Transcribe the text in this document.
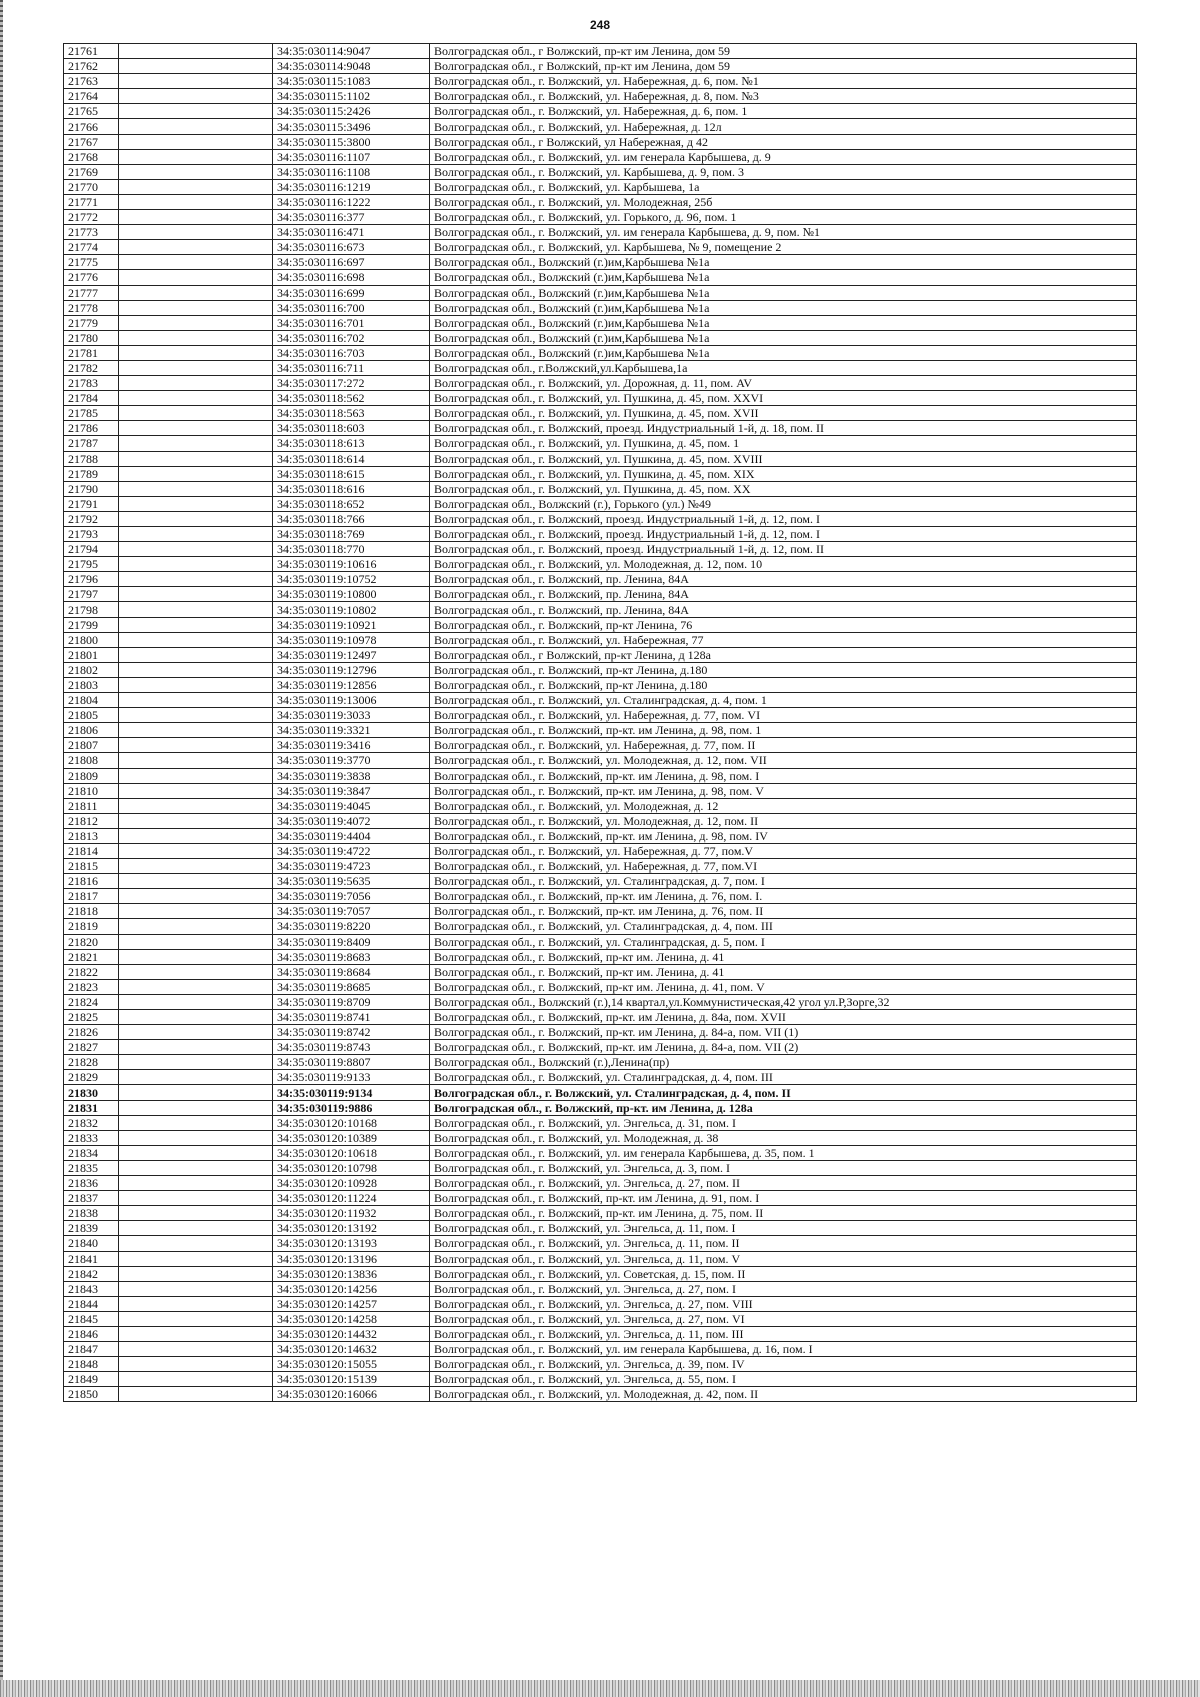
248
21761		34:35:030114:9047	Волгоградская обл., г Волжский, пр-кт им Ленина, дом 59
21762		34:35:030114:9048	Волгоградская обл., г Волжский, пр-кт им Ленина, дом 59
21763		34:35:030115:1083	Волгоградская обл., г. Волжский, ул. Набережная, д. 6, пом. №1
21764		34:35:030115:1102	Волгоградская обл., г. Волжский, ул. Набережная, д. 8, пом. №3
21765		34:35:030115:2426	Волгоградская обл., г. Волжский, ул. Набережная, д. 6, пом. 1
21766		34:35:030115:3496	Волгоградская обл., г. Волжский, ул. Набережная, д. 12л
21767		34:35:030115:3800	Волгоградская обл., г Волжский, ул Набережная, д 42
21768		34:35:030116:1107	Волгоградская обл., г. Волжский, ул. им генерала Карбышева, д. 9
21769		34:35:030116:1108	Волгоградская обл., г. Волжский, ул. Карбышева, д. 9, пом. 3
21770		34:35:030116:1219	Волгоградская обл., г. Волжский, ул. Карбышева, 1а
21771		34:35:030116:1222	Волгоградская обл., г. Волжский, ул. Молодежная, 25б
21772		34:35:030116:377	Волгоградская обл., г. Волжский, ул. Горького, д. 96, пом. 1
21773		34:35:030116:471	Волгоградская обл., г. Волжский, ул. им генерала Карбышева, д. 9, пом. №1
21774		34:35:030116:673	Волгоградская обл., г. Волжский, ул. Карбышева, № 9, помещение 2
21775		34:35:030116:697	Волгоградская обл., Волжский (г.)им,Карбышева №1а
21776		34:35:030116:698	Волгоградская обл., Волжский (г.)им,Карбышева №1а
21777		34:35:030116:699	Волгоградская обл., Волжский (г.)им,Карбышева №1а
21778		34:35:030116:700	Волгоградская обл., Волжский (г.)им,Карбышева №1а
21779		34:35:030116:701	Волгоградская обл., Волжский (г.)им,Карбышева №1а
21780		34:35:030116:702	Волгоградская обл., Волжский (г.)им,Карбышева №1а
21781		34:35:030116:703	Волгоградская обл., Волжский (г.)им,Карбышева №1а
21782		34:35:030116:711	Волгоградская обл., г.Волжский,ул.Карбышева,1а
21783		34:35:030117:272	Волгоградская обл., г. Волжский, ул. Дорожная, д. 11, пом. AV
21784		34:35:030118:562	Волгоградская обл., г. Волжский, ул. Пушкина, д. 45, пом. XXVI
21785		34:35:030118:563	Волгоградская обл., г. Волжский, ул. Пушкина, д. 45, пом. XVII
21786		34:35:030118:603	Волгоградская обл., г. Волжский, проезд. Индустриальный 1-й, д. 18, пом. II
21787		34:35:030118:613	Волгоградская обл., г. Волжский, ул. Пушкина, д. 45, пом. 1
21788		34:35:030118:614	Волгоградская обл., г. Волжский, ул. Пушкина, д. 45, пом. XVIII
21789		34:35:030118:615	Волгоградская обл., г. Волжский, ул. Пушкина, д. 45, пом. XIX
21790		34:35:030118:616	Волгоградская обл., г. Волжский, ул. Пушкина, д. 45, пом. XX
21791		34:35:030118:652	Волгоградская обл., Волжский (г.), Горького (ул.) №49
21792		34:35:030118:766	Волгоградская обл., г. Волжский, проезд. Индустриальный 1-й, д. 12, пом. I
21793		34:35:030118:769	Волгоградская обл., г. Волжский, проезд. Индустриальный 1-й, д. 12, пом. I
21794		34:35:030118:770	Волгоградская обл., г. Волжский, проезд. Индустриальный 1-й, д. 12, пом. II
21795		34:35:030119:10616	Волгоградская обл., г. Волжский, ул. Молодежная, д. 12, пом. 10
21796		34:35:030119:10752	Волгоградская обл., г. Волжский, пр. Ленина, 84А
21797		34:35:030119:10800	Волгоградская обл., г. Волжский, пр. Ленина, 84А
21798		34:35:030119:10802	Волгоградская обл., г. Волжский, пр. Ленина, 84А
21799		34:35:030119:10921	Волгоградская обл., г. Волжский, пр-кт Ленина, 76
21800		34:35:030119:10978	Волгоградская обл., г. Волжский, ул. Набережная, 77
21801		34:35:030119:12497	Волгоградская обл., г Волжский, пр-кт Ленина, д 128а
21802		34:35:030119:12796	Волгоградская обл., г. Волжский, пр-кт Ленина, д.180
21803		34:35:030119:12856	Волгоградская обл., г. Волжский, пр-кт Ленина, д.180
21804		34:35:030119:13006	Волгоградская обл., г. Волжский, ул. Сталинградская, д. 4, пом. 1
21805		34:35:030119:3033	Волгоградская обл., г. Волжский, ул. Набережная, д. 77, пом. VI
21806		34:35:030119:3321	Волгоградская обл., г. Волжский, пр-кт. им Ленина, д. 98, пом. 1
21807		34:35:030119:3416	Волгоградская обл., г. Волжский, ул. Набережная, д. 77, пом. II
21808		34:35:030119:3770	Волгоградская обл., г. Волжский, ул. Молодежная, д. 12, пом. VII
21809		34:35:030119:3838	Волгоградская обл., г. Волжский, пр-кт. им Ленина, д. 98, пом. I
21810		34:35:030119:3847	Волгоградская обл., г. Волжский, пр-кт. им Ленина, д. 98, пом. V
21811		34:35:030119:4045	Волгоградская обл., г. Волжский, ул. Молодежная, д. 12
21812		34:35:030119:4072	Волгоградская обл., г. Волжский, ул. Молодежная, д. 12, пом. II
21813		34:35:030119:4404	Волгоградская обл., г. Волжский, пр-кт. им Ленина, д. 98, пом. IV
21814		34:35:030119:4722	Волгоградская обл., г. Волжский, ул. Набережная, д. 77, пом.V
21815		34:35:030119:4723	Волгоградская обл., г. Волжский, ул. Набережная, д. 77, пом.VI
21816		34:35:030119:5635	Волгоградская обл., г. Волжский, ул. Сталинградская, д. 7, пом. I
21817		34:35:030119:7056	Волгоградская обл., г. Волжский, пр-кт. им Ленина, д. 76, пом. I.
21818		34:35:030119:7057	Волгоградская обл., г. Волжский, пр-кт. им Ленина, д. 76, пом. II
21819		34:35:030119:8220	Волгоградская обл., г. Волжский, ул. Сталинградская, д. 4, пом. III
21820		34:35:030119:8409	Волгоградская обл., г. Волжский, ул. Сталинградская, д. 5, пом. I
21821		34:35:030119:8683	Волгоградская обл., г. Волжский, пр-кт им. Ленина, д. 41
21822		34:35:030119:8684	Волгоградская обл., г. Волжский, пр-кт им. Ленина, д. 41
21823		34:35:030119:8685	Волгоградская обл., г. Волжский, пр-кт им. Ленина, д. 41, пом. V
21824		34:35:030119:8709	Волгоградская обл., Волжский (г.),14 квартал,ул.Коммунистическая,42 угол ул.Р,Зорге,32
21825		34:35:030119:8741	Волгоградская обл., г. Волжский, пр-кт. им Ленина, д. 84а, пом. XVII
21826		34:35:030119:8742	Волгоградская обл., г. Волжский, пр-кт. им Ленина, д. 84-а, пом. VII (1)
21827		34:35:030119:8743	Волгоградская обл., г. Волжский, пр-кт. им Ленина, д. 84-а, пом. VII (2)
21828		34:35:030119:8807	Волгоградская обл., Волжский (г.),Ленина(пр)
21829		34:35:030119:9133	Волгоградская обл., г. Волжский, ул. Сталинградская, д. 4, пом. III
21830		34:35:030119:9134	Волгоградская обл., г. Волжский, ул. Сталинградская, д. 4, пом. II
21831		34:35:030119:9886	Волгоградская обл., г. Волжский, пр-кт. им Ленина, д. 128а
21832		34:35:030120:10168	Волгоградская обл., г. Волжский, ул. Энгельса, д. 31, пом. I
21833		34:35:030120:10389	Волгоградская обл., г. Волжский, ул. Молодежная, д. 38
21834		34:35:030120:10618	Волгоградская обл., г. Волжский, ул. им генерала Карбышева, д. 35, пом. 1
21835		34:35:030120:10798	Волгоградская обл., г. Волжский, ул. Энгельса, д. 3, пом. I
21836		34:35:030120:10928	Волгоградская обл., г. Волжский, ул. Энгельса, д. 27, пом. II
21837		34:35:030120:11224	Волгоградская обл., г. Волжский, пр-кт. им Ленина, д. 91, пом. I
21838		34:35:030120:11932	Волгоградская обл., г. Волжский, пр-кт. им Ленина, д. 75, пом. II
21839		34:35:030120:13192	Волгоградская обл., г. Волжский, ул. Энгельса, д. 11, пом. I
21840		34:35:030120:13193	Волгоградская обл., г. Волжский, ул. Энгельса, д. 11, пом. II
21841		34:35:030120:13196	Волгоградская обл., г. Волжский, ул. Энгельса, д. 11, пом. V
21842		34:35:030120:13836	Волгоградская обл., г. Волжский, ул. Советская, д. 15, пом. II
21843		34:35:030120:14256	Волгоградская обл., г. Волжский, ул. Энгельса, д. 27, пом. I
21844		34:35:030120:14257	Волгоградская обл., г. Волжский, ул. Энгельса, д. 27, пом. VIII
21845		34:35:030120:14258	Волгоградская обл., г. Волжский, ул. Энгельса, д. 27, пом. VI
21846		34:35:030120:14432	Волгоградская обл., г. Волжский, ул. Энгельса, д. 11, пом. III
21847		34:35:030120:14632	Волгоградская обл., г. Волжский, ул. им генерала Карбышева, д. 16, пом. I
21848		34:35:030120:15055	Волгоградская обл., г. Волжский, ул. Энгельса, д. 39, пом. IV
21849		34:35:030120:15139	Волгоградская обл., г. Волжский, ул. Энгельса, д. 55, пом. I
21850		34:35:030120:16066	Волгоградская обл., г. Волжский, ул. Молодежная, д. 42, пом. II
